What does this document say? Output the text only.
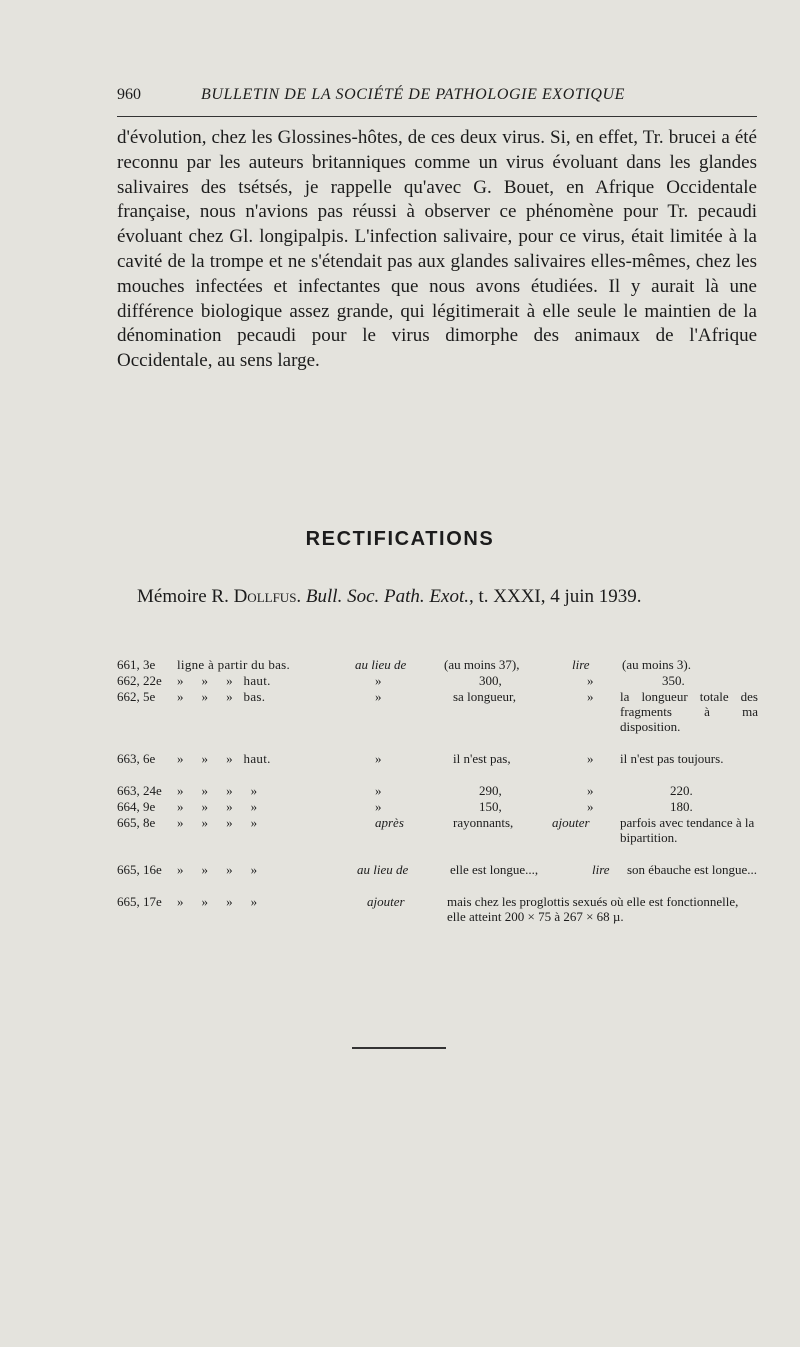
960	BULLETIN DE LA SOCIÉTÉ DE PATHOLOGIE EXOTIQUE

d'évolution, chez les Glossines-hôtes, de ces deux virus. Si, en effet, Tr. brucei a été reconnu par les auteurs britanniques comme un virus évoluant dans les glandes salivaires des tsétsés, je rappelle qu'avec G. Bouet, en Afrique Occidentale française, nous n'avions pas réussi à observer ce phénomène pour Tr. pecaudi évoluant chez Gl. longipalpis. L'infection salivaire, pour ce virus, était limitée à la cavité de la trompe et ne s'étendait pas aux glandes salivaires elles-mêmes, chez les mouches infectées et infectantes que nous avons étudiées. Il y aurait là une différence biologique assez grande, qui légitimerait à elle seule le maintien de la dénomination pecaudi pour le virus dimorphe des animaux de l'Afrique Occidentale, au sens large.

RECTIFICATIONS

Mémoire R. Dollfus. Bull. Soc. Path. Exot., t. XXXI, 4 juin 1939.

661, 3e ligne à partir du bas.	au lieu de	(au moins 37),	lire (au moins 3).
662, 22e »     »     »   haut.	»	300,	»	350.
662, 5e »     »     »   bas.	»	sa longueur,	» la longueur totale des fragments à ma disposition.
663, 6e »     »     »   haut.	»	il n'est pas,	» il n'est pas toujours.
663, 24e »     »     »     »	»	290,	»	220.
664, 9e »     »     »     »	»	150,	»	180.
665, 8e »     »     »     »	après	rayonnants,	ajouter parfois avec tendance à la bipartition.
665, 16e »     »     »     »	au lieu de	elle est longue...,	lire son ébauche est longue...
665, 17e »     »     »     »	ajouter	mais chez les proglottis sexués où elle est fonctionnelle, elle atteint 200 × 75 à 267 × 68 µ.
